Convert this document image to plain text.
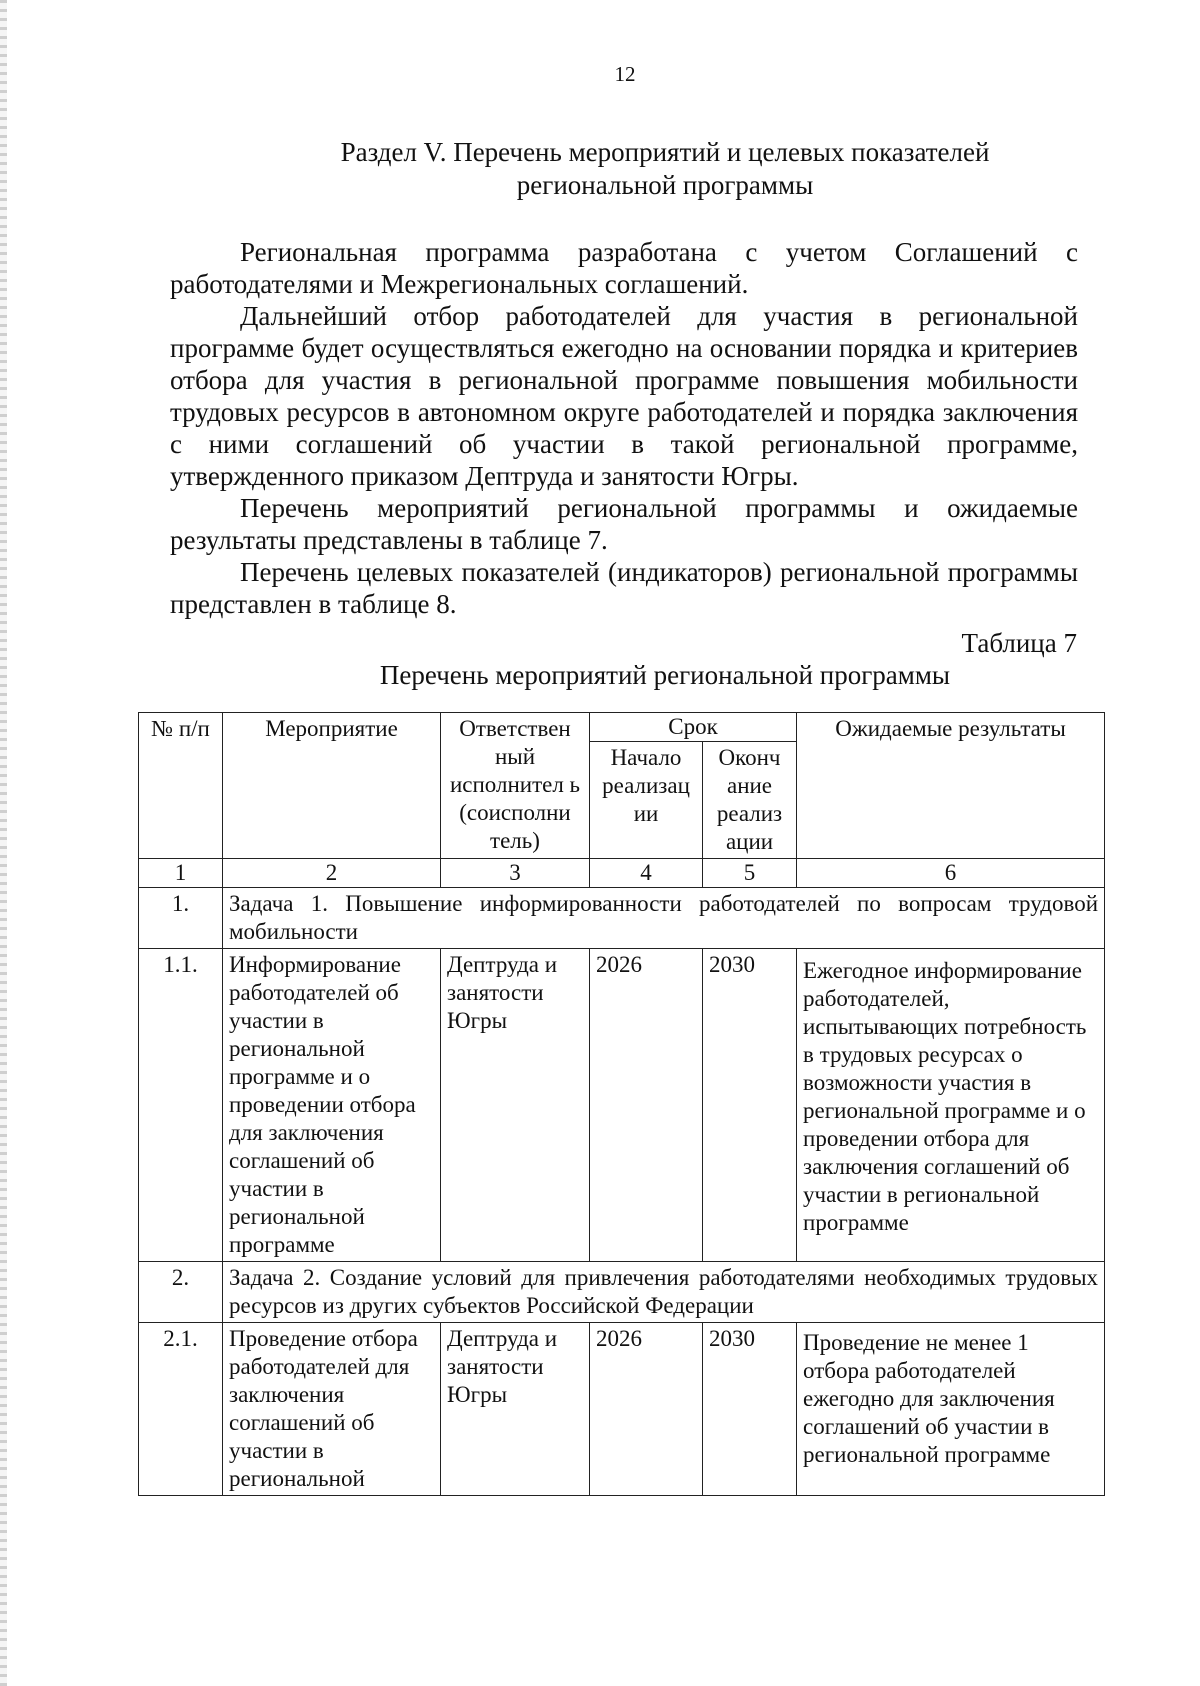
12
Раздел V. Перечень мероприятий и целевых показателей
региональной программы

Региональная программа разработана с учетом Соглашений с работодателями и Межрегиональных соглашений.

Дальнейший отбор работодателей для участия в региональной программе будет осуществляться ежегодно на основании порядка и критериев отбора для участия в региональной программе повышения мобильности трудовых ресурсов в автономном округе работодателей и порядка заключения с ними соглашений об участии в такой региональной программе, утвержденного приказом Дептруда и занятости Югры.

Перечень мероприятий региональной программы и ожидаемые результаты представлены в таблице 7.

Перечень целевых показателей (индикаторов) региональной программы представлен в таблице 8.

Таблица 7
Перечень мероприятий региональной программы
№ п/п	Мероприятие	Ответствен ный исполнител ь (соисполни тель)	Срок		Ожидаемые результаты
			Начало реализац ии	Оконч ание реализ ации	
1	2	3	4	5	6
1.	Задача 1. Повышение информированности работодателей по вопросам трудовой мобильности				
1.1.	Информирование работодателей об участии в региональной программе и о проведении отбора для заключения соглашений об участии в региональной программе	Дептруда и занятости Югры	2026	2030	Ежегодное информирование работодателей, испытывающих потребность в трудовых ресурсах о возможности участия в региональной программе и о проведении отбора для заключения соглашений об участии в региональной программе
2.	Задача 2. Создание условий для привлечения работодателями необходимых трудовых ресурсов из других субъектов Российской Федерации				
2.1.	Проведение отбора работодателей для заключения соглашений об участии в региональной	Дептруда и занятости Югры	2026	2030	Проведение не менее 1 отбора работодателей ежегодно для заключения соглашений об участии в региональной программе
